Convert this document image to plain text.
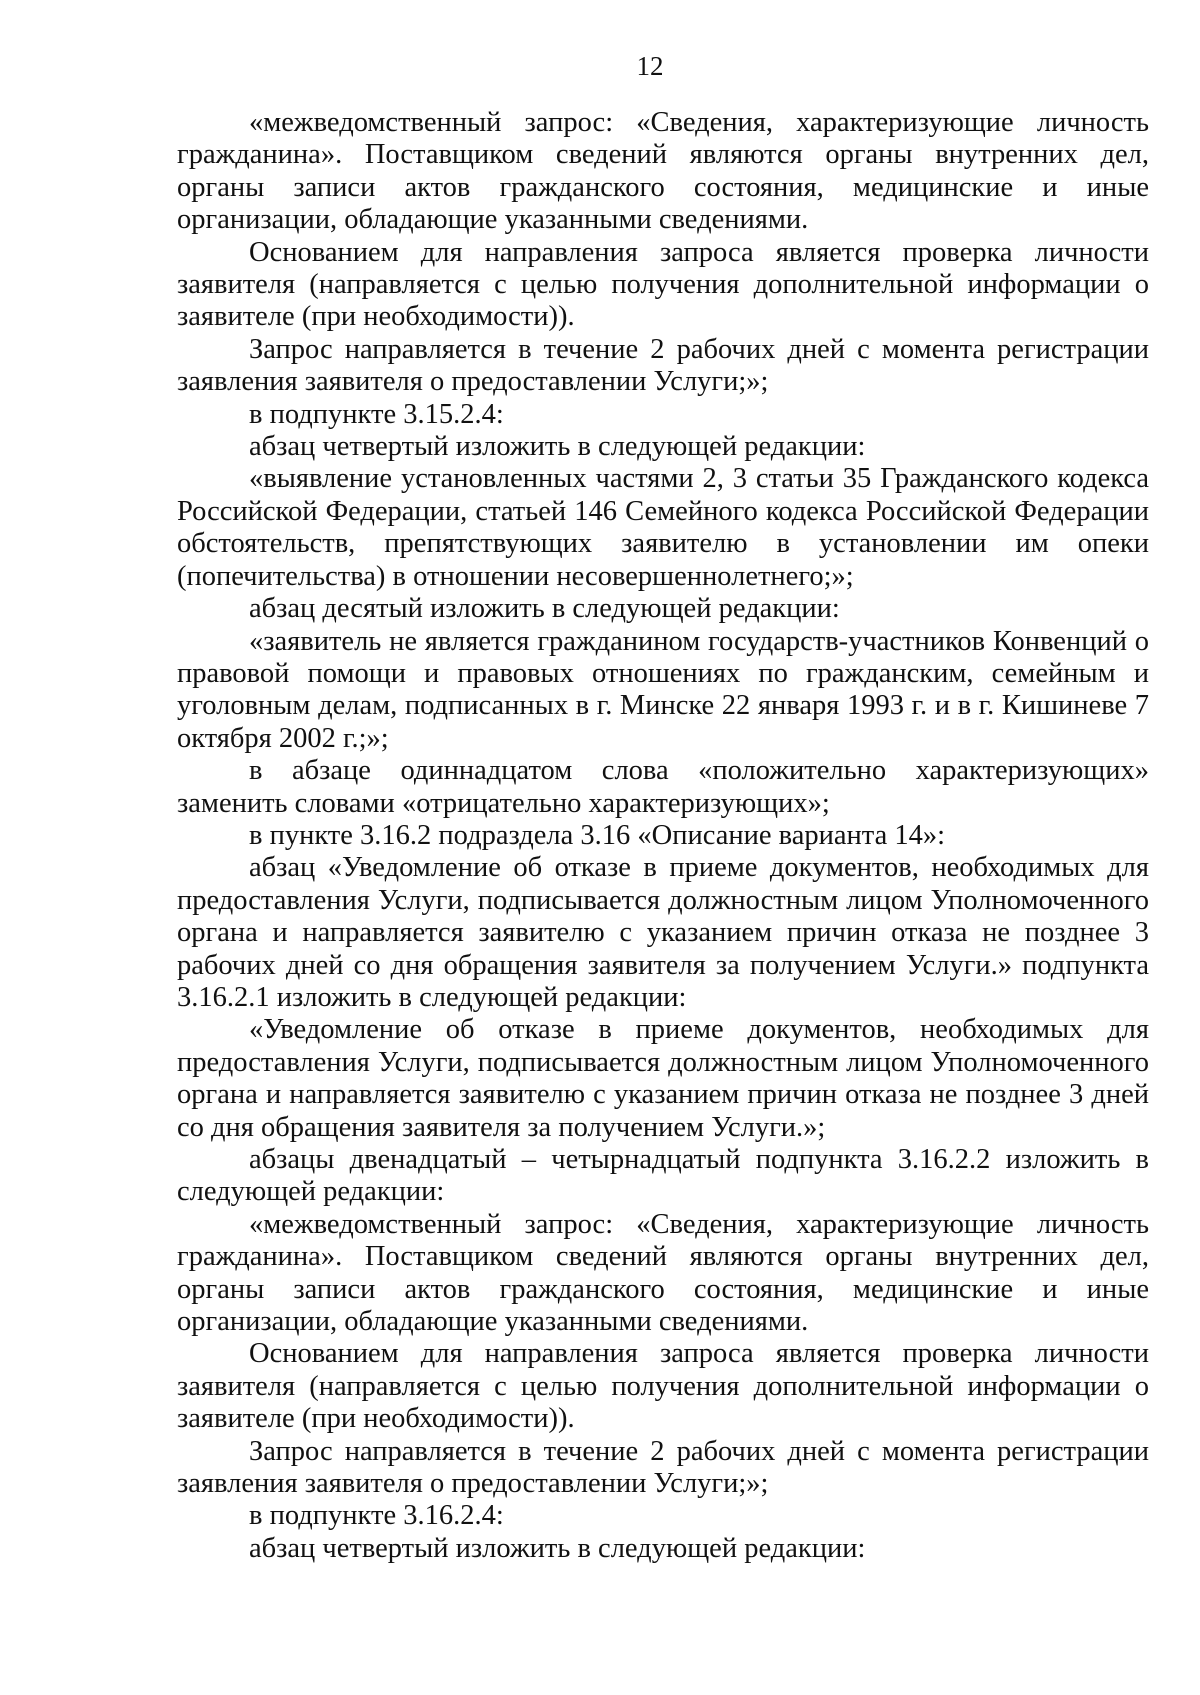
12

«межведомственный запрос: «Сведения, характеризующие личность гражданина». Поставщиком сведений являются органы внутренних дел, органы записи актов гражданского состояния, медицинские и иные организации, обладающие указанными сведениями.

Основанием для направления запроса является проверка личности заявителя (направляется с целью получения дополнительной информации о заявителе (при необходимости)).

Запрос направляется в течение 2 рабочих дней с момента регистрации заявления заявителя о предоставлении Услуги;»;

в подпункте 3.15.2.4:

абзац четвертый изложить в следующей редакции:

«выявление установленных частями 2, 3 статьи 35 Гражданского кодекса Российской Федерации, статьей 146 Семейного кодекса Российской Федерации обстоятельств, препятствующих заявителю в установлении им опеки (попечительства) в отношении несовершеннолетнего;»;

абзац десятый изложить в следующей редакции:

«заявитель не является гражданином государств-участников Конвенций о правовой помощи и правовых отношениях по гражданским, семейным и уголовным делам, подписанных в г. Минске 22 января 1993 г. и в г. Кишиневе 7 октября 2002 г.;»;

в абзаце одиннадцатом слова «положительно характеризующих» заменить словами «отрицательно характеризующих»;

в пункте 3.16.2 подраздела 3.16 «Описание варианта 14»:

абзац «Уведомление об отказе в приеме документов, необходимых для предоставления Услуги, подписывается должностным лицом Уполномоченного органа и направляется заявителю с указанием причин отказа не позднее 3 рабочих дней со дня обращения заявителя за получением Услуги.» подпункта 3.16.2.1 изложить в следующей редакции:

«Уведомление об отказе в приеме документов, необходимых для предоставления Услуги, подписывается должностным лицом Уполномоченного органа и направляется заявителю с указанием причин отказа не позднее 3 дней со дня обращения заявителя за получением Услуги.»;

абзацы двенадцатый – четырнадцатый подпункта 3.16.2.2 изложить в следующей редакции:

«межведомственный запрос: «Сведения, характеризующие личность гражданина». Поставщиком сведений являются органы внутренних дел, органы записи актов гражданского состояния, медицинские и иные организации, обладающие указанными сведениями.

Основанием для направления запроса является проверка личности заявителя (направляется с целью получения дополнительной информации о заявителе (при необходимости)).

Запрос направляется в течение 2 рабочих дней с момента регистрации заявления заявителя о предоставлении Услуги;»;

в подпункте 3.16.2.4:

абзац четвертый изложить в следующей редакции:
